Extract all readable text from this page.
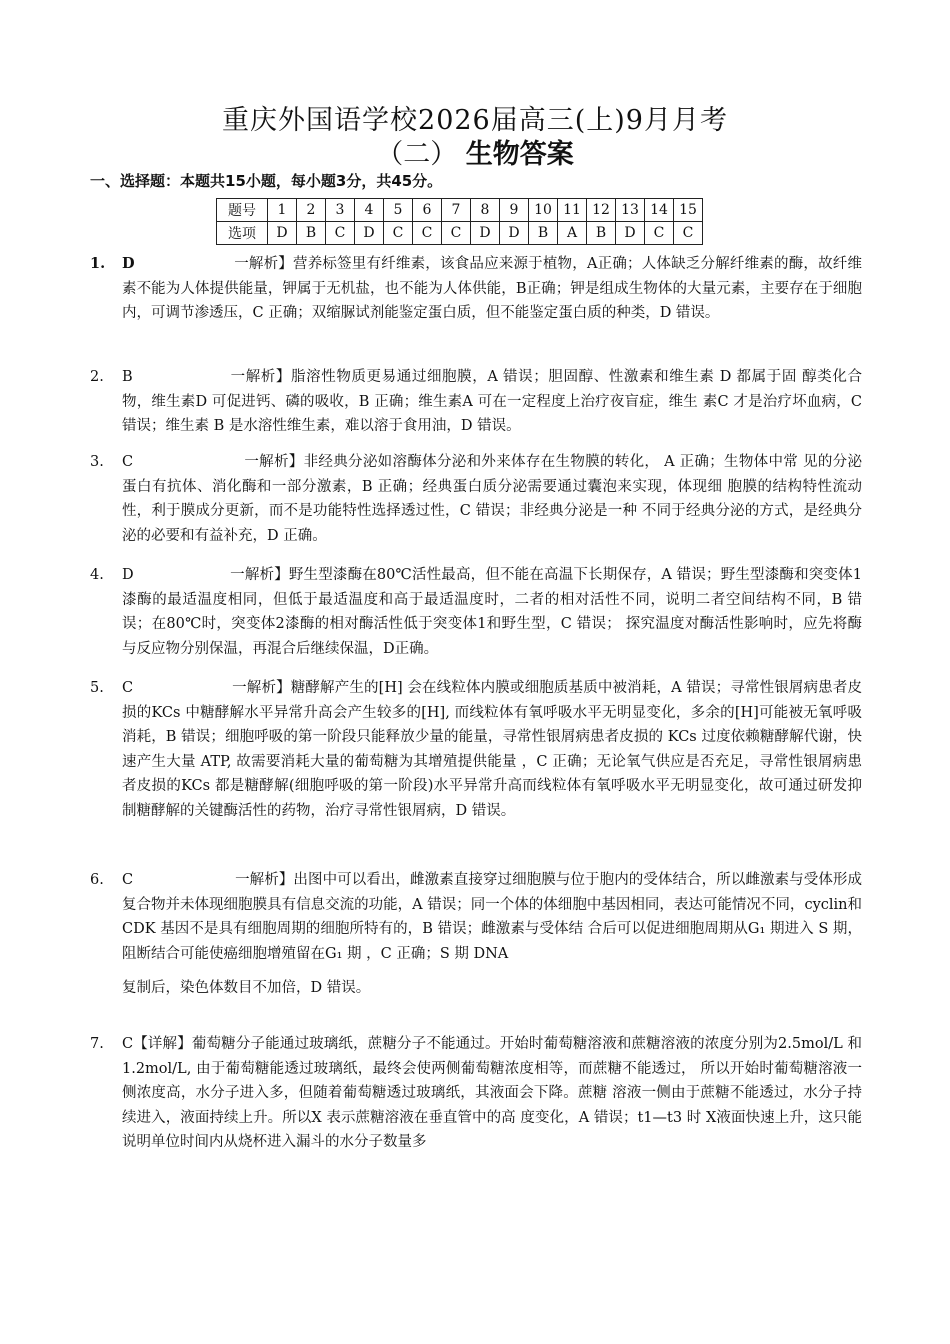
重庆外国语学校2026届高三(上)9月月考
（二） 生物答案
一、选择题：本题共15小题，每小题3分，共45分。
题号	1	2	3	4	5	6	7	8	9	10	11	12	13	14	15
选项	D	B	C	D	C	C	C	D	D	B	A	B	D	C	C
1.	D	一解析】营养标签里有纤维素，该食品应来源于植物，A正确；人体缺乏分解纤维素的酶，故纤维素不能为人体提供能量，钾属于无机盐，也不能为人体供能，B正确；钾是组成生物体的大量元素，主要存在于细胞内，可调节渗透压，C 正确；双缩脲试剂能鉴定蛋白质，但不能鉴定蛋白质的种类，D 错误。
2.	B	一解析】脂溶性物质更易通过细胞膜，A 错误；胆固醇、性激素和维生素 D 都属于固 醇类化合物，维生素D 可促进钙、磷的吸收，B 正确；维生素A 可在一定程度上治疗夜盲症，维生 素C 才是治疗坏血病，C 错误；维生素 B 是水溶性维生素，难以溶于食用油，D 错误。
3.	C	一解析】非经典分泌如溶酶体分泌和外来体存在生物膜的转化， A 正确；生物体中常 见的分泌蛋白有抗体、消化酶和一部分激素，B 正确；经典蛋白质分泌需要通过囊泡来实现，体现细 胞膜的结构特性流动性，利于膜成分更新，而不是功能特性选择透过性，C 错误；非经典分泌是一种 不同于经典分泌的方式，是经典分泌的必要和有益补充，D 正确。
4.	D	一解析】野生型漆酶在80℃活性最高，但不能在高温下长期保存，A 错误；野生型漆酶和突变体1漆酶的最适温度相同，但低于最适温度和高于最适温度时，二者的相对活性不同，说明二者空间结构不同，B 错误；在80℃时，突变体2漆酶的相对酶活性低于突变体1和野生型，C 错误； 探究温度对酶活性影响时，应先将酶与反应物分别保温，再混合后继续保温，D正确。
5.	C	一解析】糖酵解产生的[H] 会在线粒体内膜或细胞质基质中被消耗，A 错误；寻常性银屑病患者皮损的KCs 中糖酵解水平异常升高会产生较多的[H], 而线粒体有氧呼吸水平无明显变化，多余的[H]可能被无氧呼吸消耗，B 错误；细胞呼吸的第一阶段只能释放少量的能量，寻常性银屑病患者皮损的 KCs 过度依赖糖酵解代谢，快速产生大量 ATP, 故需要消耗大量的葡萄糖为其增殖提供能量 ，C 正确；无论氧气供应是否充足，寻常性银屑病患者皮损的KCs 都是糖酵解(细胞呼吸的第一阶段)水平异常升高而线粒体有氧呼吸水平无明显变化，故可通过研发抑制糖酵解的关键酶活性的药物，治疗寻常性银屑病，D 错误。
6.	C	一解析】出图中可以看出，雌激素直接穿过细胞膜与位于胞内的受体结合，所以雌激素与受体形成复合物并未体现细胞膜具有信息交流的功能，A 错误；同一个体的体细胞中基因相同，表达可能情况不同，cyclin和 CDK 基因不是具有细胞周期的细胞所特有的，B 错误；雌激素与受体结 合后可以促进细胞周期从G₁ 期进入 S 期，阻断结合可能使癌细胞增殖留在G₁ 期 ，C 正确；S 期 DNA
复制后，染色体数目不加倍，D 错误。
7.	C【详解】葡萄糖分子能通过玻璃纸，蔗糖分子不能通过。开始时葡萄糖溶液和蔗糖溶液的浓度分别为2.5mol/L 和 1.2mol/L, 由于葡萄糖能透过玻璃纸，最终会使两侧葡萄糖浓度相等，而蔗糖不能透过， 所以开始时葡萄糖溶液一侧浓度高，水分子进入多，但随着葡萄糖透过玻璃纸，其液面会下降。蔗糖 溶液一侧由于蔗糖不能透过，水分子持续进入，液面持续上升。所以X 表示蔗糖溶液在垂直管中的高 度变化，A 错误；t1—t3 时 X液面快速上升，这只能说明单位时间内从烧杯进入漏斗的水分子数量多
